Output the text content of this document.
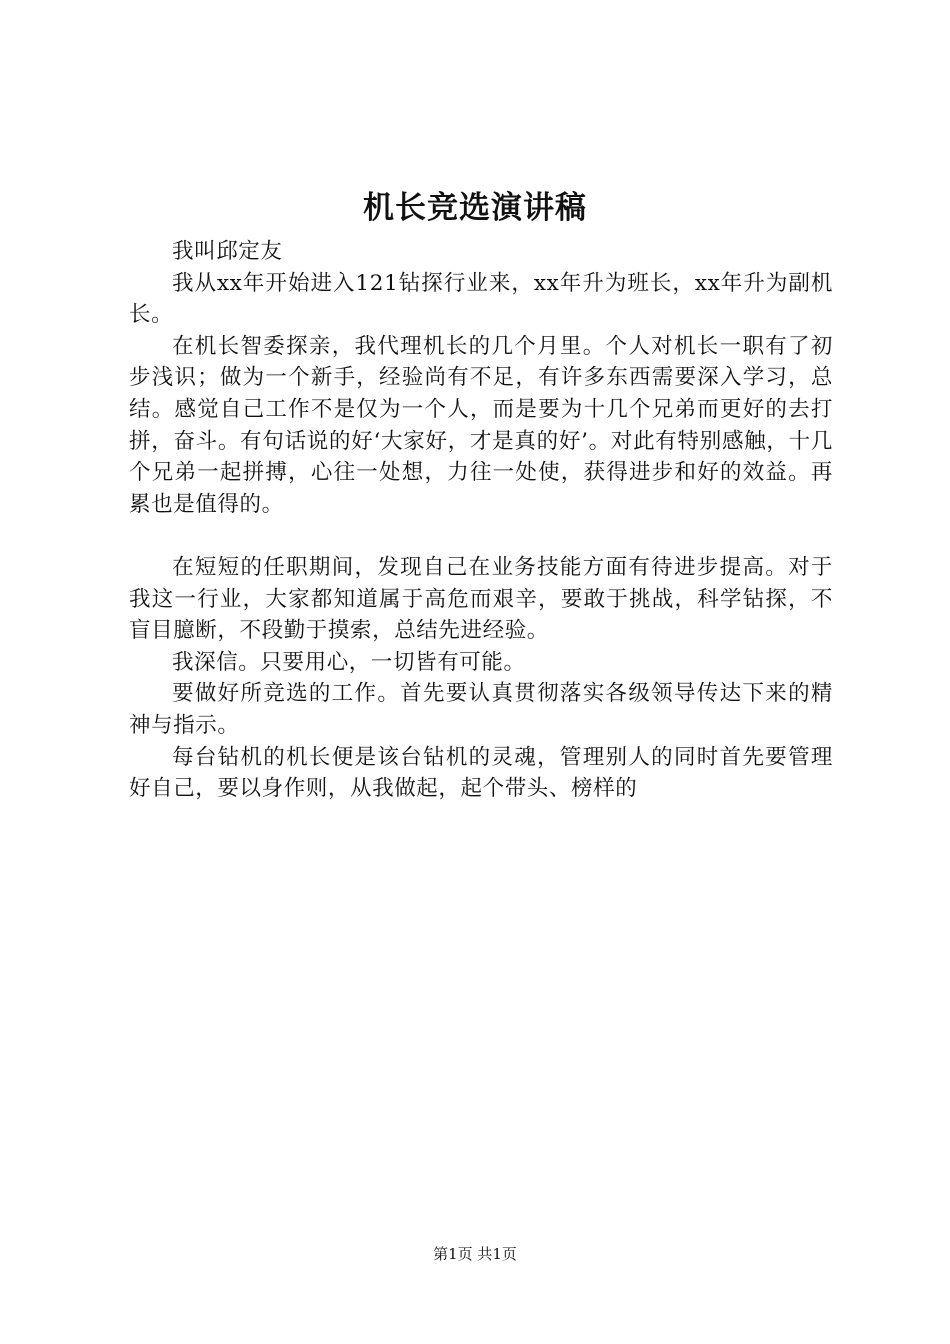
机长竞选演讲稿

我叫邱定友

我从xx年开始进入121钻探行业来，xx年升为班长，xx年升为副机长。

在机长智委探亲，我代理机长的几个月里。个人对机长一职有了初步浅识；做为一个新手，经验尚有不足，有许多东西需要深入学习，总结。感觉自己工作不是仅为一个人，而是要为十几个兄弟而更好的去打拼，奋斗。有句话说的好‘大家好，才是真的好’。对此有特别感触，十几个兄弟一起拼搏，心往一处想，力往一处使，获得进步和好的效益。再累也是值得的。

在短短的任职期间，发现自己在业务技能方面有待进步提高。对于我这一行业，大家都知道属于高危而艰辛，要敢于挑战，科学钻探，不盲目臆断，不段勤于摸索，总结先进经验。

我深信。只要用心，一切皆有可能。

要做好所竞选的工作。首先要认真贯彻落实各级领导传达下来的精神与指示。

每台钻机的机长便是该台钻机的灵魂，管理别人的同时首先要管理好自己，要以身作则，从我做起，起个带头、榜样的

第1页 共1页
